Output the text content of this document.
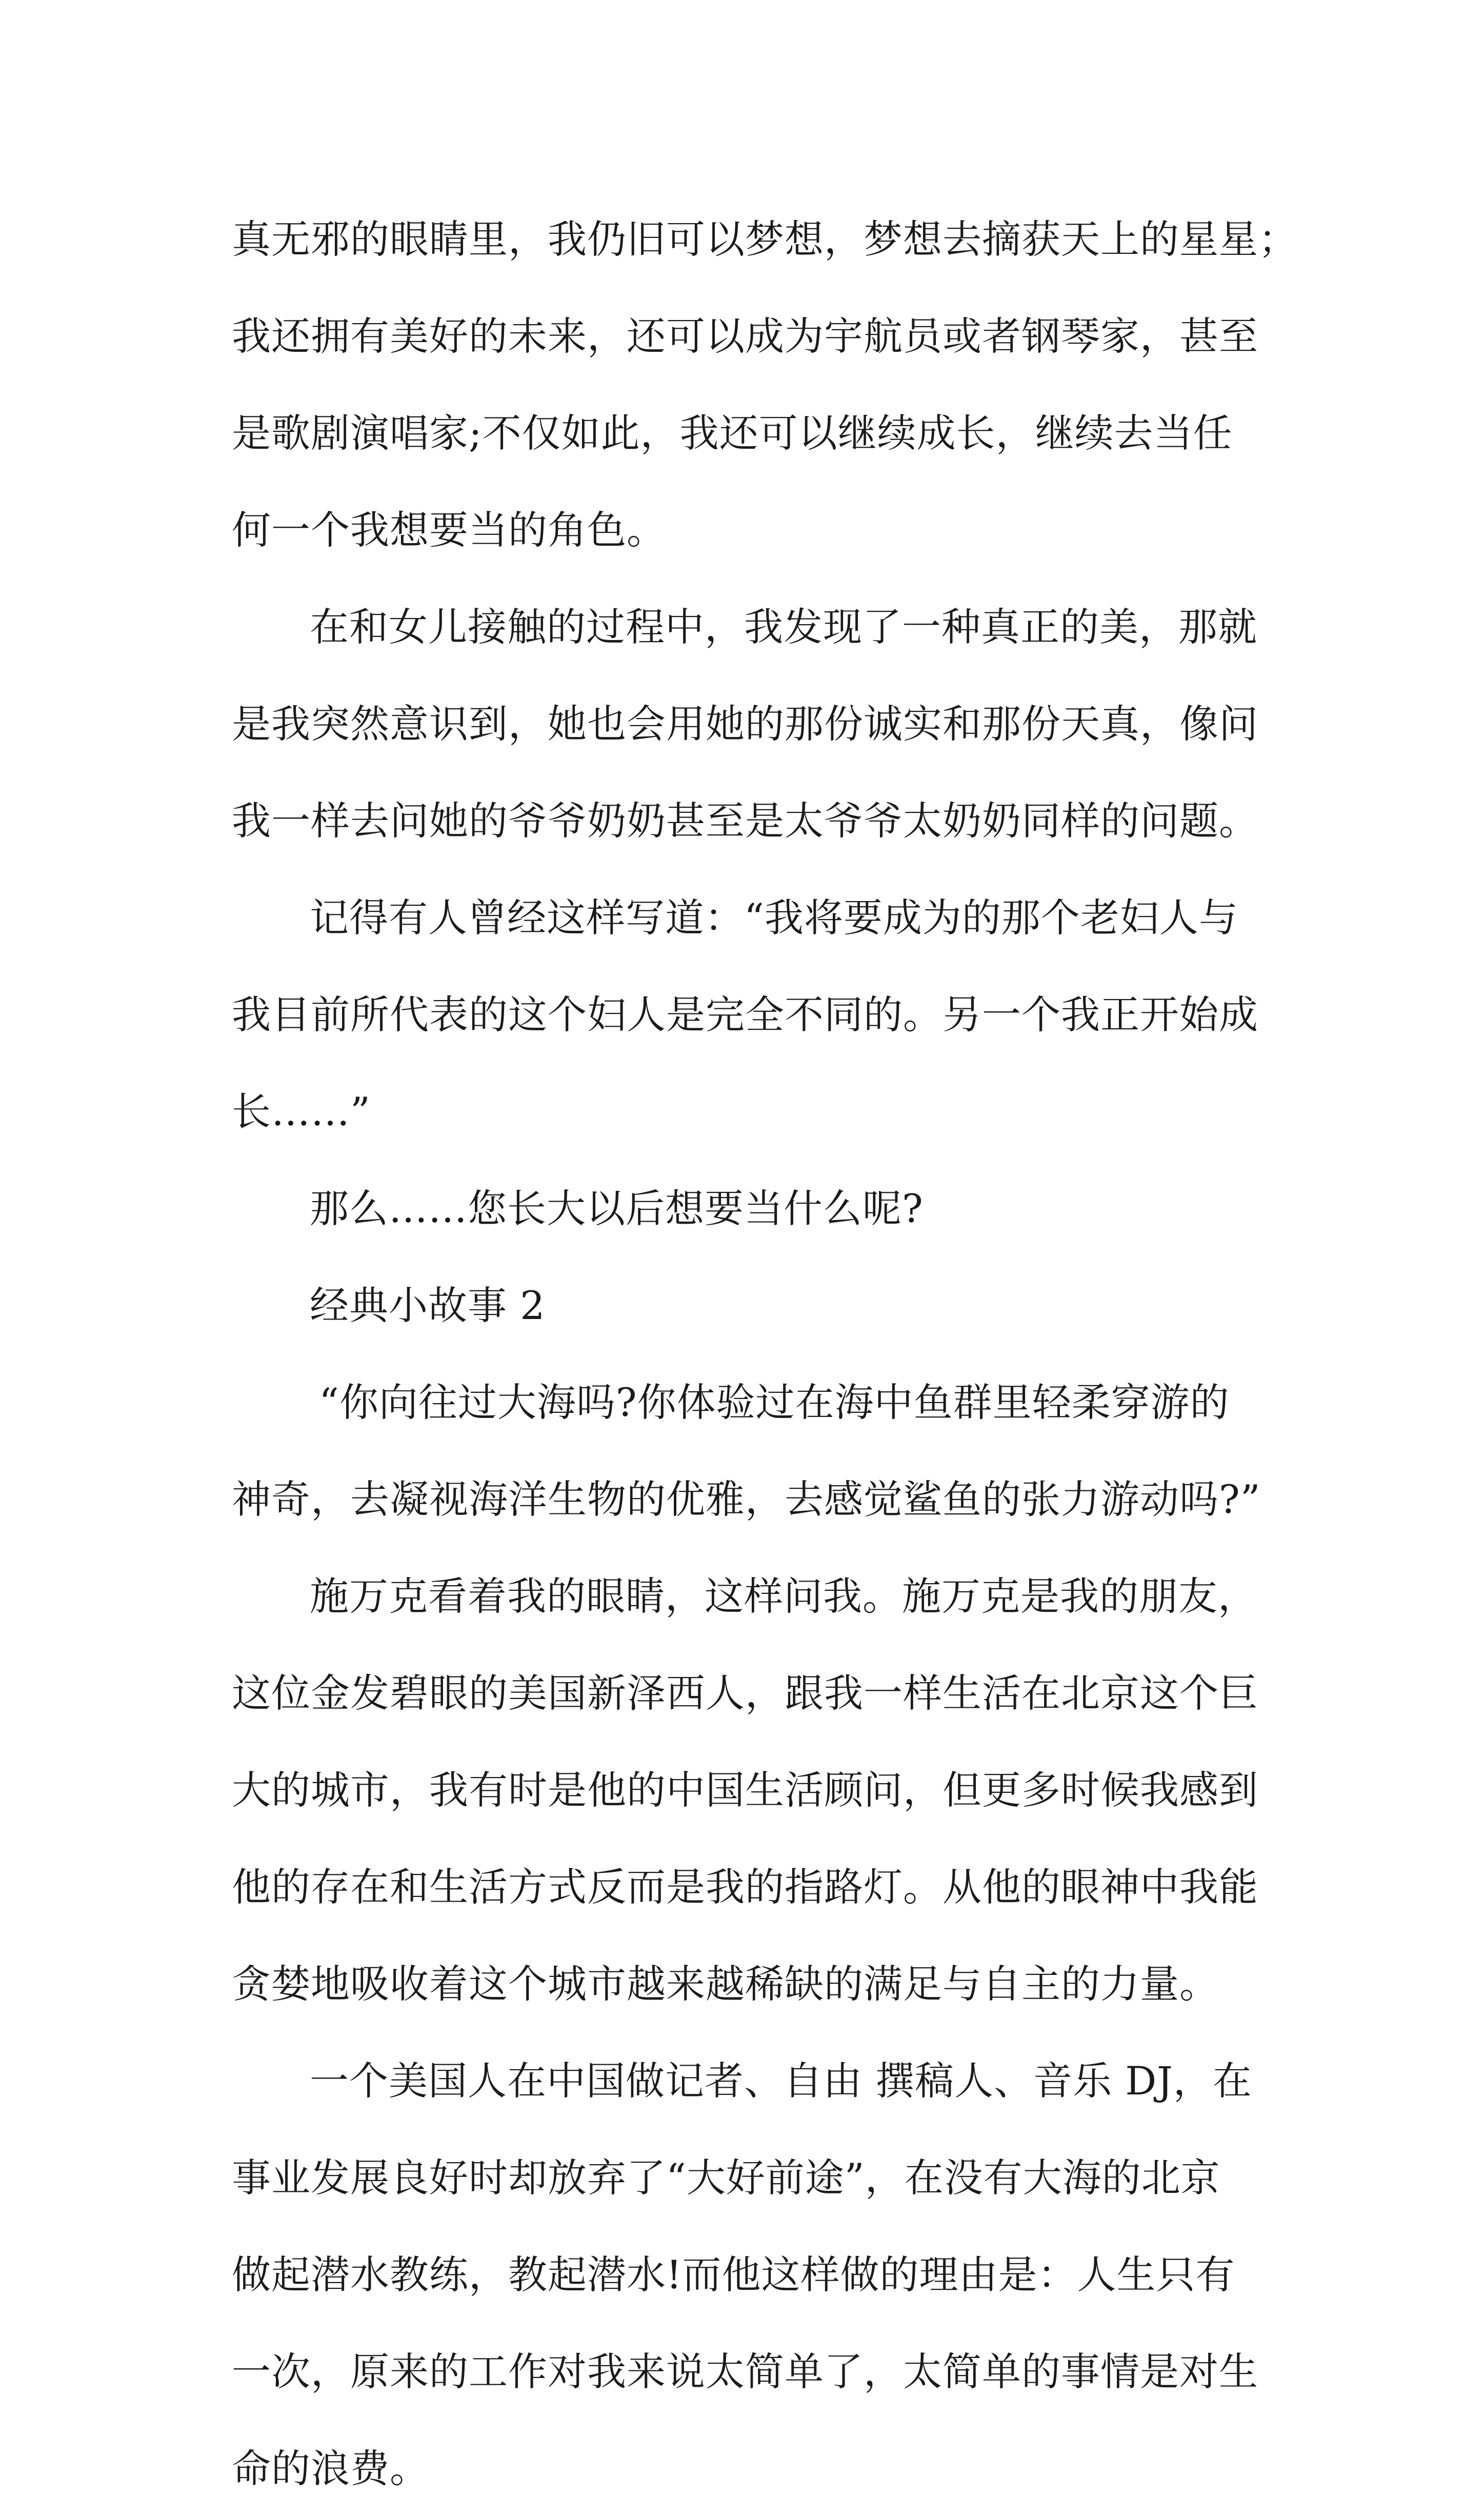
真无邪的眼睛里，我仍旧可以梦想，梦想去摘获天上的星星；
我还拥有美好的未来，还可以成为宇航员或者钢琴家，甚至
是歌剧演唱家;不仅如此，我还可以继续成长，继续去当任
何一个我想要当的角色。
在和女儿接触的过程中，我发现了一种真正的美，那就
是我突然意识到，她也会用她的那份诚实和那份天真，像问
我一样去问她的爷爷奶奶甚至是太爷爷太奶奶同样的问题。
记得有人曾经这样写道：“我将要成为的那个老妇人与
我目前所代表的这个妇人是完全不同的。另一个我正开始成
长……”
那么……您长大以后想要当什么呢?
经典小故事 2
“你向往过大海吗?你体验过在海中鱼群里轻柔穿游的
神奇，去凝视海洋生物的优雅，去感觉鲨鱼的张力游动吗?”
施万克看着我的眼睛，这样问我。施万克是我的朋友，
这位金发碧眼的美国新泽西人，跟我一样生活在北京这个巨
大的城市，我有时是他的中国生活顾问，但更多时候我感到
他的存在和生活方式反而是我的指路灯。从他的眼神中我能
贪婪地吸收着这个城市越来越稀缺的满足与自主的力量。
一个美国人在中国做记者、自由 撰稿人、音乐 DJ，在
事业发展良好时却放弃了“大好前途”，在没有大海的北京
做起潜水教练，教起潜水!而他这样做的理由是：人生只有
一次，原来的工作对我来说太简单了，太简单的事情是对生
命的浪费。
